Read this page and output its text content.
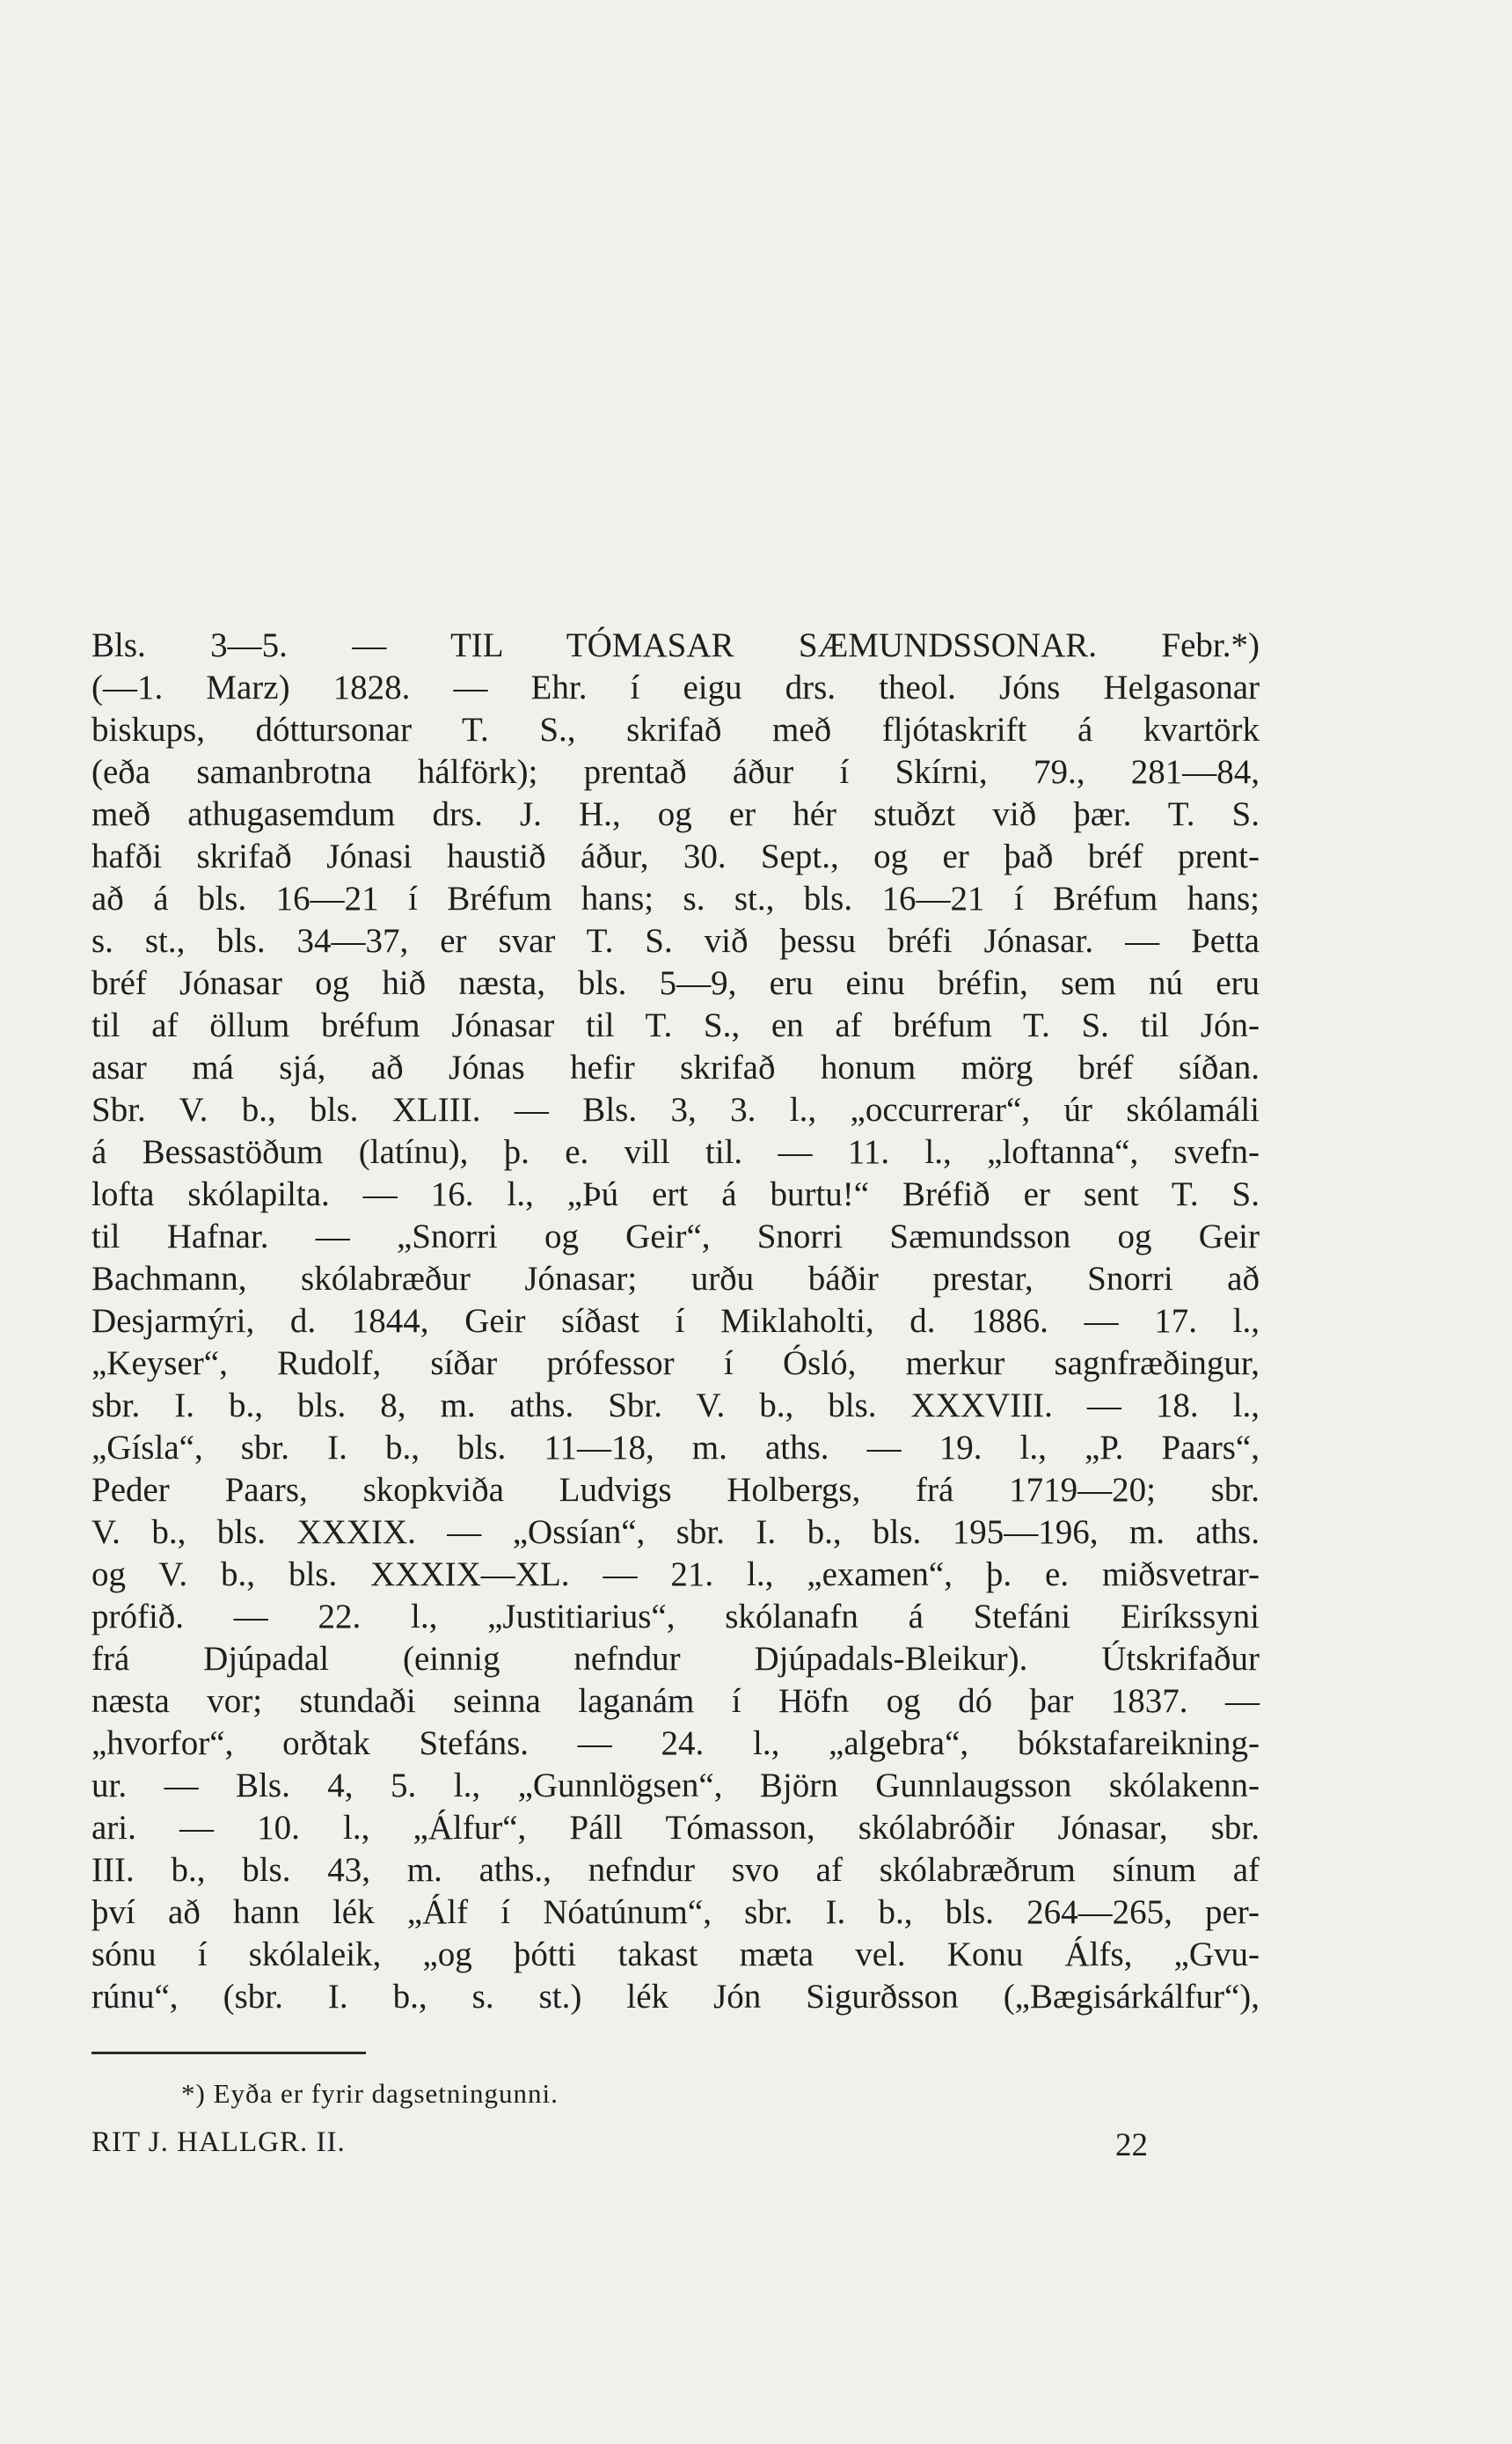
Bls. 3—5. — TIL TÓMASAR SÆMUNDSSONAR. Febr.*)
(—1. Marz) 1828. — Ehr. í eigu drs. theol. Jóns Helgasonar
biskups, dóttursonar T. S., skrifað með fljótaskrift á kvartörk
(eða samanbrotna hálförk); prentað áður í Skírni, 79., 281—84,
með athugasemdum drs. J. H., og er hér stuðzt við þær. T. S.
hafði skrifað Jónasi haustið áður, 30. Sept., og er það bréf prent-
að á bls. 16—21 í Bréfum hans; s. st., bls. 16—21 í Bréfum hans;
s. st., bls. 34—37, er svar T. S. við þessu bréfi Jónasar. — Þetta
bréf Jónasar og hið næsta, bls. 5—9, eru einu bréfin, sem nú eru
til af öllum bréfum Jónasar til T. S., en af bréfum T. S. til Jón-
asar má sjá, að Jónas hefir skrifað honum mörg bréf síðan.
Sbr. V. b., bls. XLIII. — Bls. 3, 3. l., „occurrerar“, úr skólamáli
á Bessastöðum (latínu), þ. e. vill til. — 11. l., „loftanna“, svefn-
lofta skólapilta. — 16. l., „Þú ert á burtu!“ Bréfið er sent T. S.
til Hafnar. — „Snorri og Geir“, Snorri Sæmundsson og Geir
Bachmann, skólabræður Jónasar; urðu báðir prestar, Snorri að
Desjarmýri, d. 1844, Geir síðast í Miklaholti, d. 1886. — 17. l.,
„Keyser“, Rudolf, síðar prófessor í Ósló, merkur sagnfræðingur,
sbr. I. b., bls. 8, m. aths. Sbr. V. b., bls. XXXVIII. — 18. l.,
„Gísla“, sbr. I. b., bls. 11—18, m. aths. — 19. l., „P. Paars“,
Peder Paars, skopkviða Ludvigs Holbergs, frá 1719—20; sbr.
V. b., bls. XXXIX. — „Ossían“, sbr. I. b., bls. 195—196, m. aths.
og V. b., bls. XXXIX—XL. — 21. l., „examen“, þ. e. miðsvetrar-
prófið. — 22. l., „Justitiarius“, skólanafn á Stefáni Eiríkssyni
frá Djúpadal (einnig nefndur Djúpadals-Bleikur). Útskrifaður
næsta vor; stundaði seinna laganám í Höfn og dó þar 1837. —
„hvorfor“, orðtak Stefáns. — 24. l., „algebra“, bókstafareikning-
ur. — Bls. 4, 5. l., „Gunnlögsen“, Björn Gunnlaugsson skólakenn-
ari. — 10. l., „Álfur“, Páll Tómasson, skólabróðir Jónasar, sbr.
III. b., bls. 43, m. aths., nefndur svo af skólabræðrum sínum af
því að hann lék „Álf í Nóatúnum“, sbr. I. b., bls. 264—265, per-
sónu í skólaleik, „og þótti takast mæta vel. Konu Álfs, „Gvu-
rúnu“, (sbr. I. b., s. st.) lék Jón Sigurðsson („Bægisárkálfur“),
*) Eyða er fyrir dagsetningunni.
RIT J. HALLGR. II.	22
